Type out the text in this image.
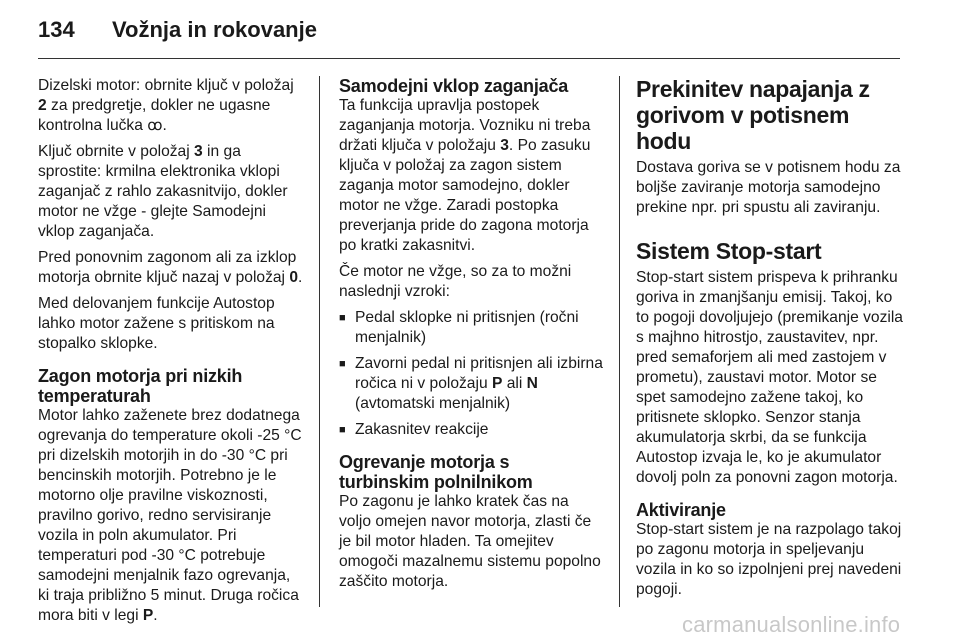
134 Vožnja in rokovanje

Dizelski motor: obrnite ključ v položaj 2 za predgretje, dokler ne ugasne kontrolna lučka ꝏ.

Ključ obrnite v položaj 3 in ga sprostite: krmilna elektronika vklopi zaganjač z rahlo zakasnitvijo, dokler motor ne vžge - glejte Samodejni vklop zaganjača.

Pred ponovnim zagonom ali za izklop motorja obrnite ključ nazaj v položaj 0.

Med delovanjem funkcije Autostop lahko motor zažene s pritiskom na stopalko sklopke.

Zagon motorja pri nizkih temperaturah

Motor lahko zaženete brez dodatnega ogrevanja do temperature okoli -25 °C pri dizelskih motorjih in do -30 °C pri bencinskih motorjih. Potrebno je le motorno olje pravilne viskoznosti, pravilno gorivo, redno servisiranje vozila in poln akumulator. Pri temperaturi pod -30 °C potrebuje samodejni menjalnik fazo ogrevanja, ki traja približno 5 minut. Druga ročica mora biti v legi P.

Samodejni vklop zaganjača

Ta funkcija upravlja postopek zaganjanja motorja. Vozniku ni treba držati ključa v položaju 3. Po zasuku ključa v položaj za zagon sistem zaganja motor samodejno, dokler motor ne vžge. Zaradi postopka preverjanja pride do zagona motorja po kratki zakasnitvi.

Če motor ne vžge, so za to možni naslednji vzroki:

■ Pedal sklopke ni pritisnjen (ročni menjalnik)
■ Zavorni pedal ni pritisnjen ali izbirna ročica ni v položaju P ali N (avtomatski menjalnik)
■ Zakasnitev reakcije
Ogrevanje motorja s turbinskim polnilnikom

Po zagonu je lahko kratek čas na voljo omejen navor motorja, zlasti če je bil motor hladen. Ta omejitev omogoči mazalnemu sistemu popolno zaščito motorja.

Prekinitev napajanja z gorivom v potisnem hodu

Dostava goriva se v potisnem hodu za boljše zaviranje motorja samodejno prekine npr. pri spustu ali zaviranju.

Sistem Stop-start

Stop-start sistem prispeva k prihranku goriva in zmanjšanju emisij. Takoj, ko to pogoji dovoljujejo (premikanje vozila s majhno hitrostjo, zaustavitev, npr. pred semaforjem ali med zastojem v prometu), zaustavi motor. Motor se spet samodejno zažene takoj, ko pritisnete sklopko. Senzor stanja akumulatorja skrbi, da se funkcija Autostop izvaja le, ko je akumulator dovolj poln za ponovni zagon motorja.

Aktiviranje

Stop-start sistem je na razpolago takoj po zagonu motorja in speljevanju vozila in ko so izpolnjeni prej navedeni pogoji.

carmanualsonline.info
